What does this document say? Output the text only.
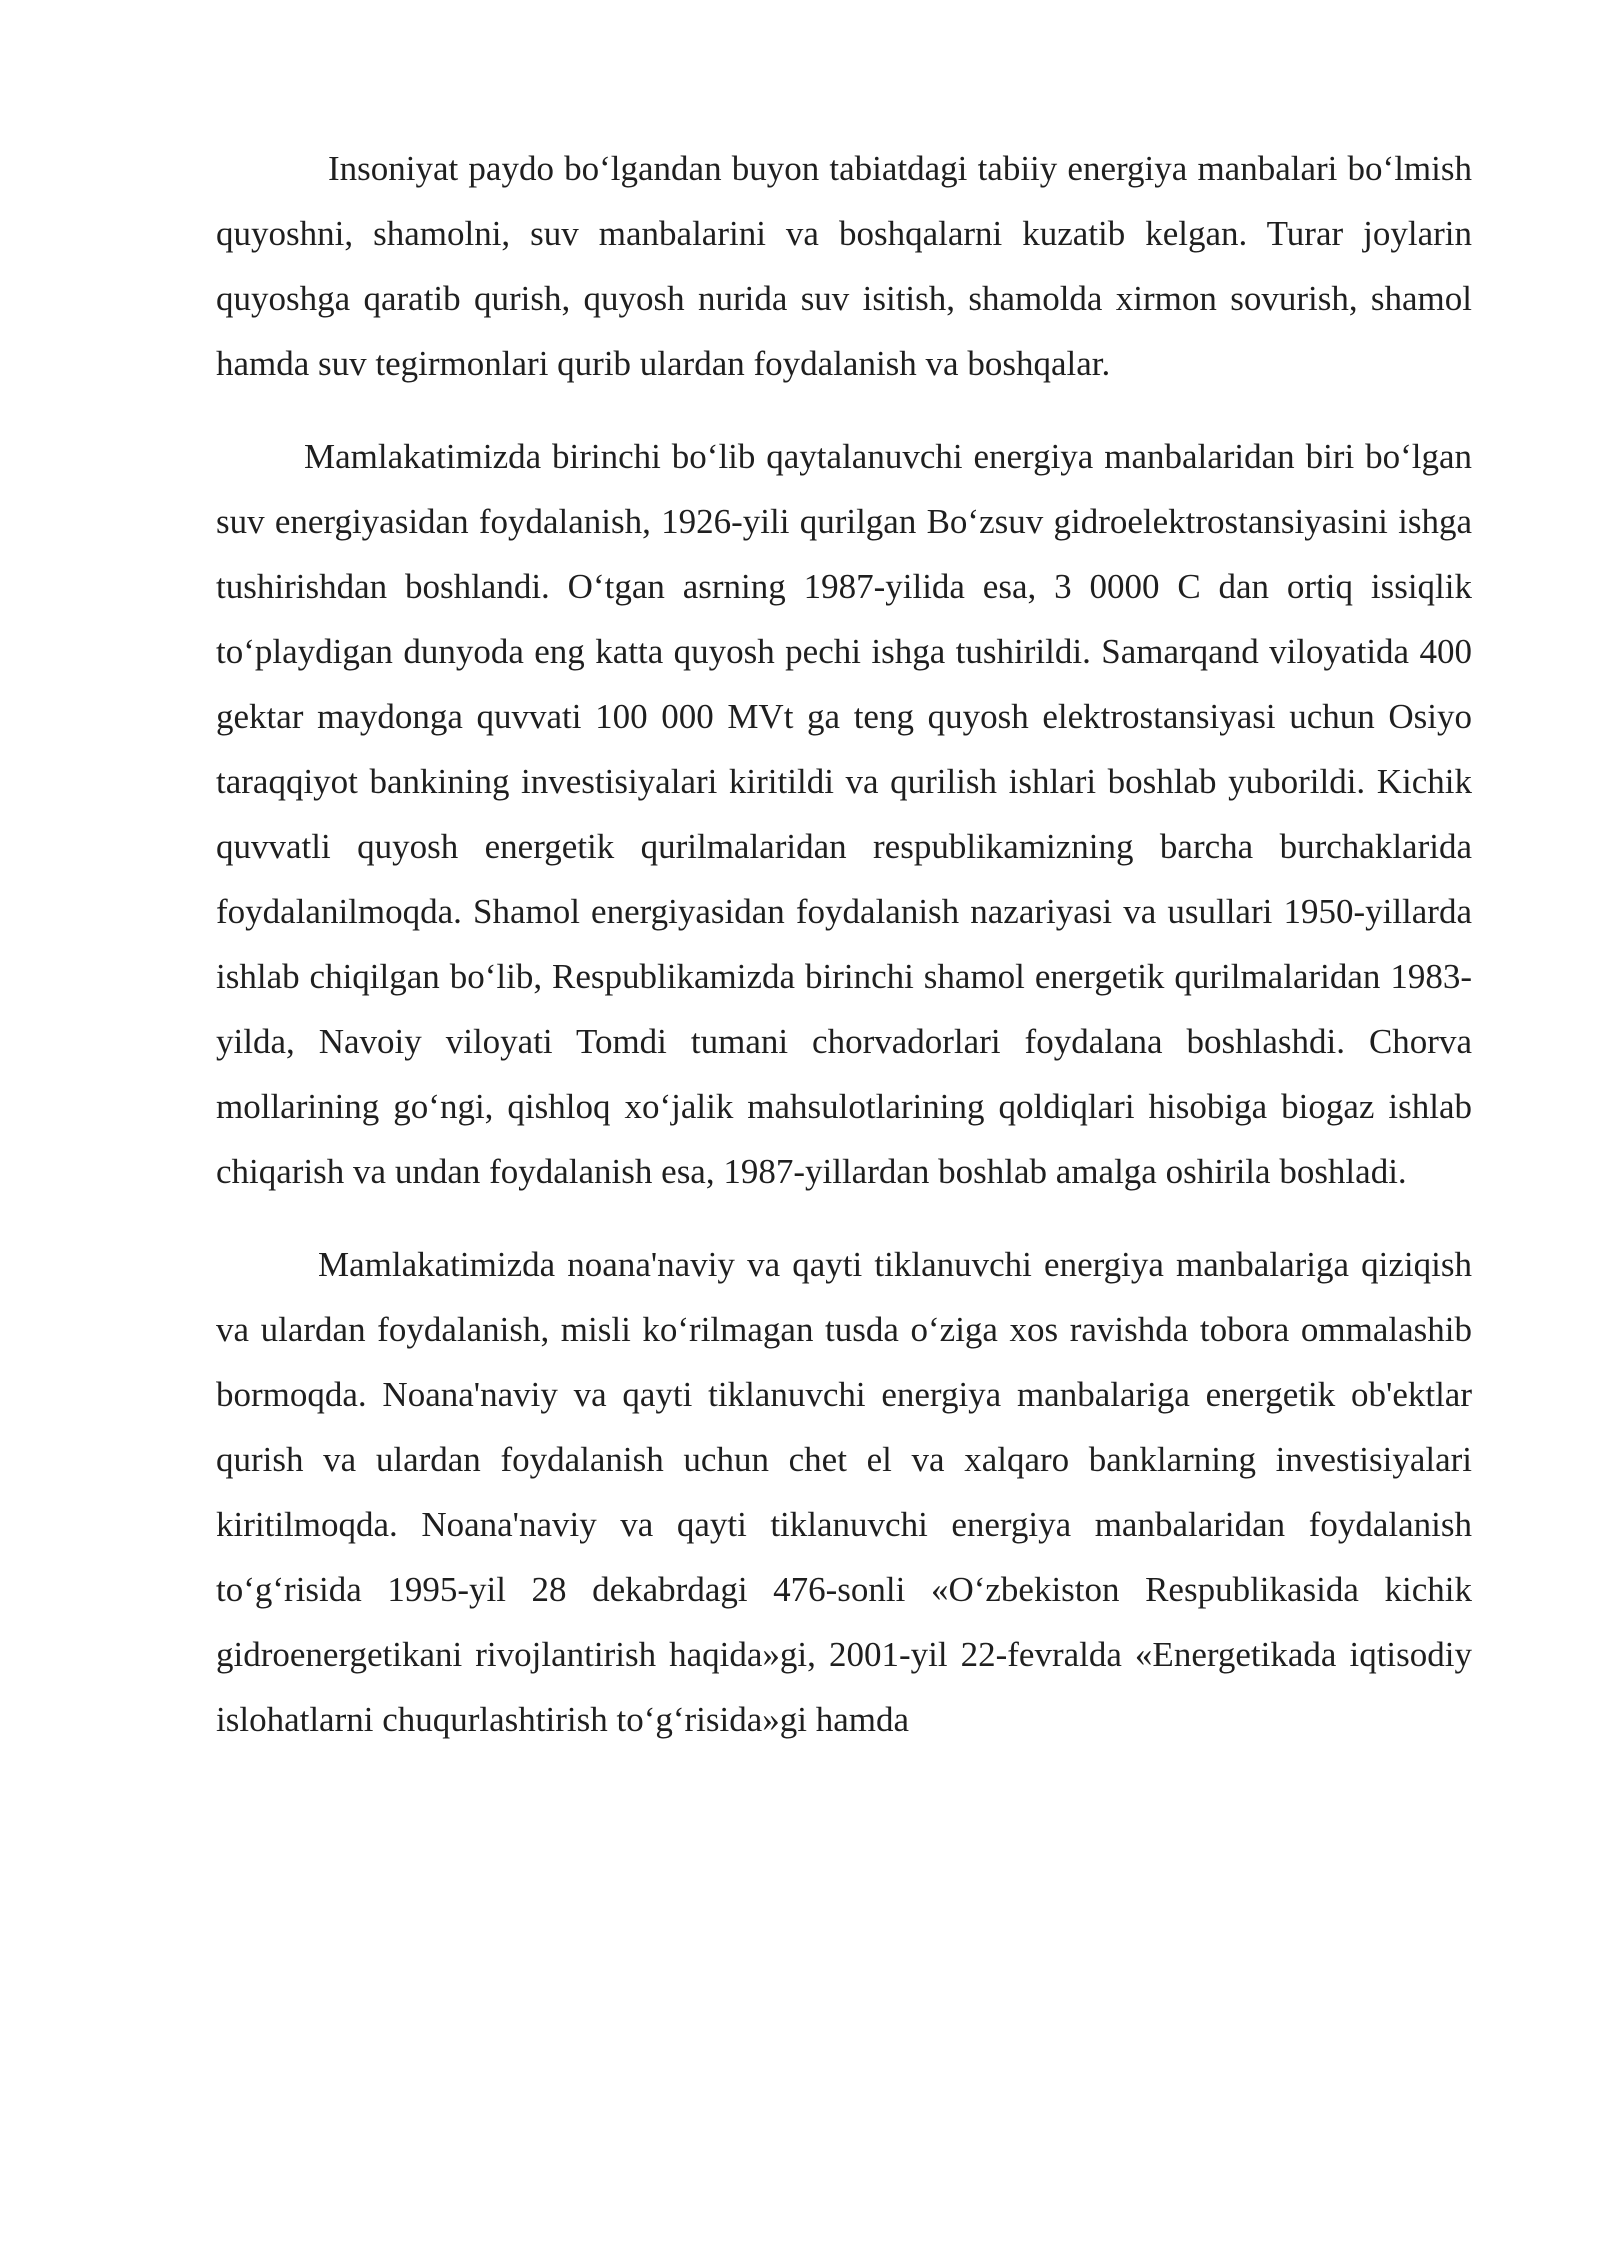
Insoniyat paydo bo‘lgandan buyon tabiatdagi tabiiy energiya manbalari bo‘lmish quyoshni, shamolni, suv manbalarini va boshqalarni kuzatib kelgan. Turar joylarin quyoshga qaratib qurish, quyosh nurida suv isitish, shamolda xirmon sovurish, shamol hamda suv tegirmonlari qurib ulardan foydalanish va boshqalar.

Mamlakatimizda birinchi bo‘lib qaytalanuvchi energiya manbalaridan biri bo‘lgan suv energiyasidan foydalanish, 1926-yili qurilgan Bo‘zsuv gidroelektrostansiyasini ishga tushirishdan boshlandi. O‘tgan asrning 1987-yilida esa, 3 0000 C dan ortiq issiqlik to‘playdigan dunyoda eng katta quyosh pechi ishga tushirildi. Samarqand viloyatida 400 gektar maydonga quvvati 100 000 MVt ga teng quyosh elektrostansiyasi uchun Osiyo taraqqiyot bankining investisiyalari kiritildi va qurilish ishlari boshlab yuborildi. Kichik quvvatli quyosh energetik qurilmalaridan respublikamizning barcha burchaklarida foydalanilmoqda. Shamol energiyasidan foydalanish nazariyasi va usullari 1950-yillarda ishlab chiqilgan bo‘lib, Respublikamizda birinchi shamol energetik qurilmalaridan 1983-yilda, Navoiy viloyati Tomdi tumani chorvadorlari foydalana boshlashdi. Chorva mollarining go‘ngi, qishloq xo‘jalik mahsulotlarining qoldiqlari hisobiga biogaz ishlab chiqarish va undan foydalanish esa, 1987-yillardan boshlab amalga oshirila boshladi.

Mamlakatimizda noana'naviy va qayti tiklanuvchi energiya manbalariga qiziqish va ulardan foydalanish, misli ko‘rilmagan tusda o‘ziga xos ravishda tobora ommalashib bormoqda. Noana'naviy va qayti tiklanuvchi energiya manbalariga energetik ob'ektlar qurish va ulardan foydalanish uchun chet el va xalqaro banklarning investisiyalari kiritilmoqda. Noana'naviy va qayti tiklanuvchi energiya manbalaridan foydalanish to‘g‘risida 1995-yil 28 dekabrdagi 476-sonli «O‘zbekiston Respublikasida kichik gidroenergetikani rivojlantirish haqida»gi, 2001-yil 22-fevralda «Energetikada iqtisodiy islohatlarni chuqurlashtirish to‘g‘risida»gi hamda
